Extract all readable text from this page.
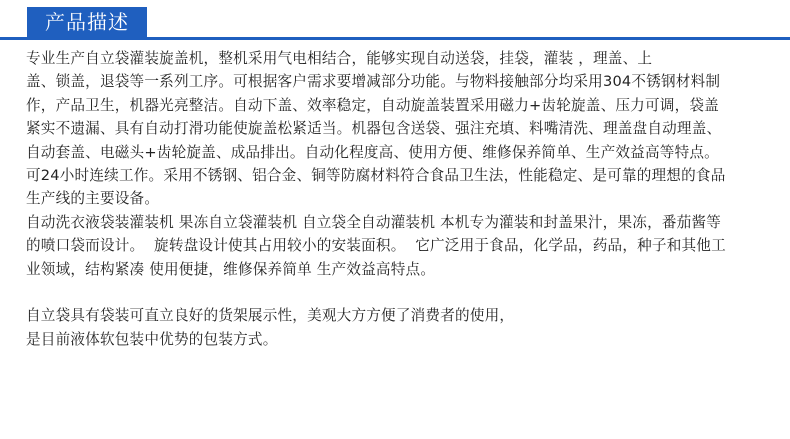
产品描述
专业生产自立袋灌装旋盖机，整机采用气电相结合，能够实现自动送袋，挂袋，灌装 ，理盖、上
盖、锁盖，退袋等一系列工序。可根据客户需求要增减部分功能。与物料接触部分均采用304不锈钢材料制
作，产品卫生，机器光亮整洁。自动下盖、效率稳定，自动旋盖装置采用磁力+齿轮旋盖、压力可调，袋盖
紧实不遗漏、具有自动打滑功能使旋盖松紧适当。机器包含送袋、强注充填、料嘴清洗、理盖盘自动理盖、
自动套盖、电磁头+齿轮旋盖、成品排出。自动化程度高、使用方便、维修保养简单、生产效益高等特点。
可24小时连续工作。采用不锈钢、铝合金、铜等防腐材料符合食品卫生法，性能稳定、是可靠的理想的食品
生产线的主要设备。
自动洗衣液袋装灌装机 果冻自立袋灌装机 自立袋全自动灌装机 本机专为灌装和封盖果汁，果冻，番茄酱等
的喷口袋而设计。  旋转盘设计使其占用较小的安装面积。  它广泛用于食品，化学品，药品，种子和其他工
业领域，结构紧凑 使用便捷，维修保养简单 生产效益高特点。
自立袋具有袋装可直立良好的货架展示性，美观大方方便了消费者的使用，
是目前液体软包装中优势的包装方式。
